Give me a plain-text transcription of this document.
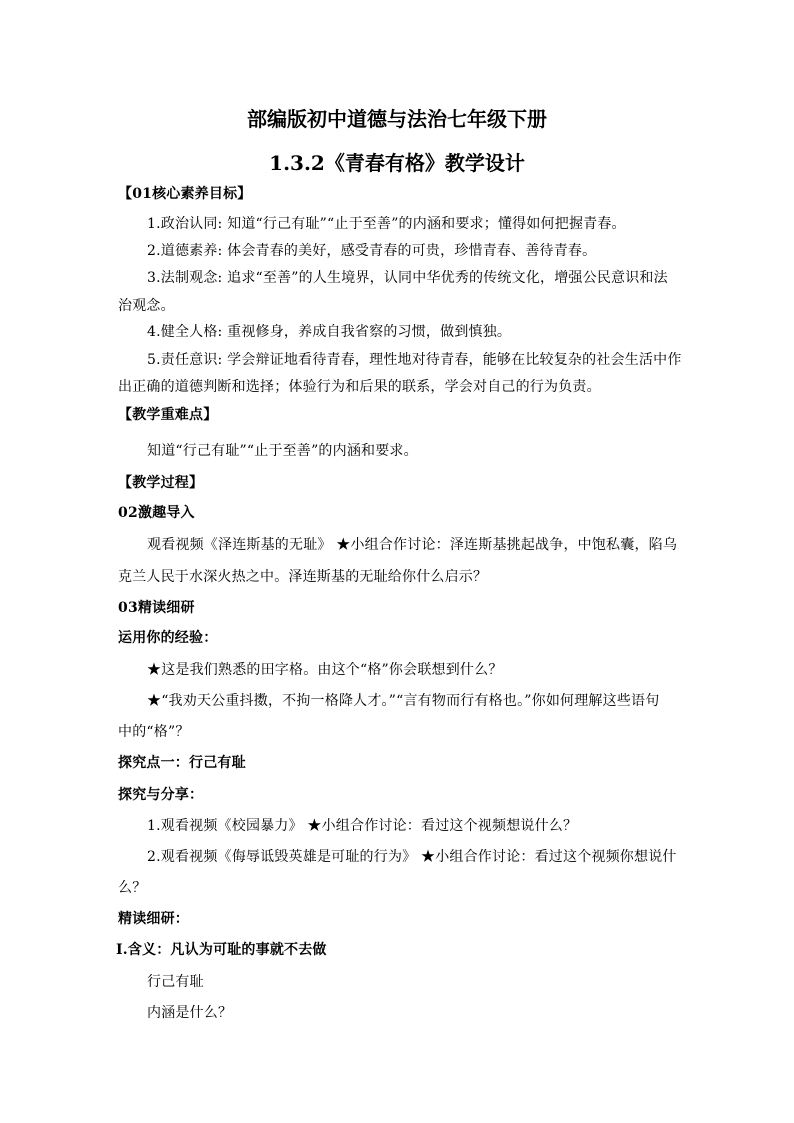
部编版初中道德与法治七年级下册
1.3.2《青春有格》教学设计
【01核心素养目标】
1.政治认同: 知道“行己有耻”“止于至善”的内涵和要求；懂得如何把握青春。
2.道德素养: 体会青春的美好，感受青春的可贵，珍惜青春、善待青春。
3.法制观念: 追求“至善”的人生境界，认同中华优秀的传统文化，增强公民意识和法
治观念。
4.健全人格: 重视修身，养成自我省察的习惯，做到慎独。
5.责任意识: 学会辩证地看待青春，理性地对待青春，能够在比较复杂的社会生活中作
出正确的道德判断和选择；体验行为和后果的联系，学会对自己的行为负责。
【教学重难点】
知道“行己有耻”“止于至善”的内涵和要求。
【教学过程】
02激趣导入
观看视频《泽连斯基的无耻》 ★小组合作讨论：泽连斯基挑起战争，中饱私囊，陷乌
克兰人民于水深火热之中。泽连斯基的无耻给你什么启示？
03精读细研
运用你的经验：
★这是我们熟悉的田字格。由这个“格”你会联想到什么？
★“我劝天公重抖擞，不拘一格降人才。”“言有物而行有格也。”你如何理解这些语句
中的“格”？
探究点一：行己有耻
探究与分享：
1.观看视频《校园暴力》 ★小组合作讨论：看过这个视频想说什么？
2.观看视频《侮辱诋毁英雄是可耻的行为》 ★小组合作讨论：看过这个视频你想说什
么？
精读细研：
Ⅰ.含义：凡认为可耻的事就不去做
行己有耻
内涵是什么？
